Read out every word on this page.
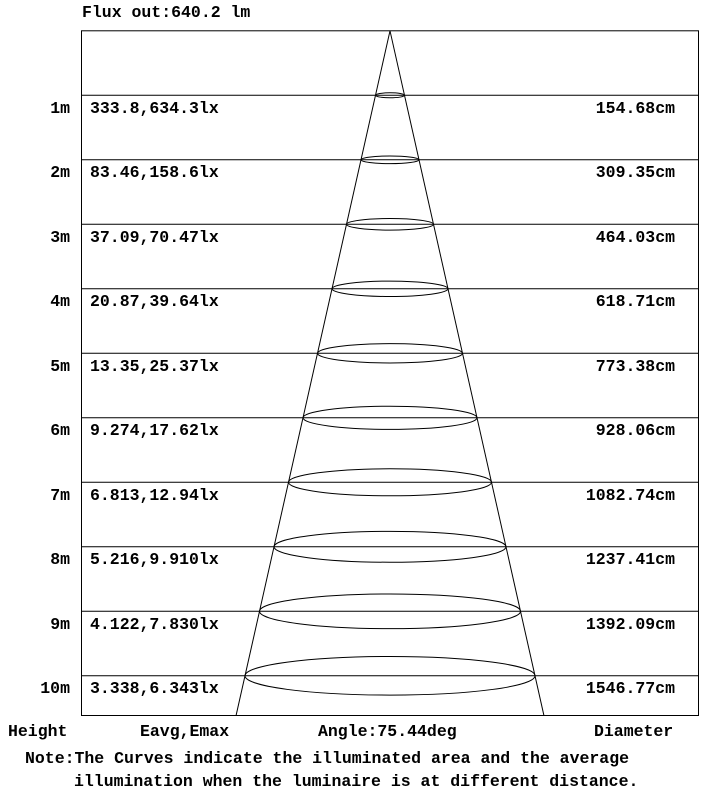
Flux out:640.2 lm
1m 333.8,634.3lx	154.68cm
2m 83.46,158.6lx	309.35cm
3m 37.09,70.47lx	464.03cm
4m 20.87,39.64lx	618.71cm
5m 13.35,25.37lx	773.38cm
6m 9.274,17.62lx	928.06cm
7m 6.813,12.94lx	1082.74cm
8m 5.216,9.910lx	1237.41cm
9m 4.122,7.830lx	1392.09cm
10m 3.338,6.343lx	1546.77cm
Height	Eavg,Emax	Angle:75.44deg	Diameter
Note:The Curves indicate the illuminated area and the average
illumination when the luminaire is at different distance.
